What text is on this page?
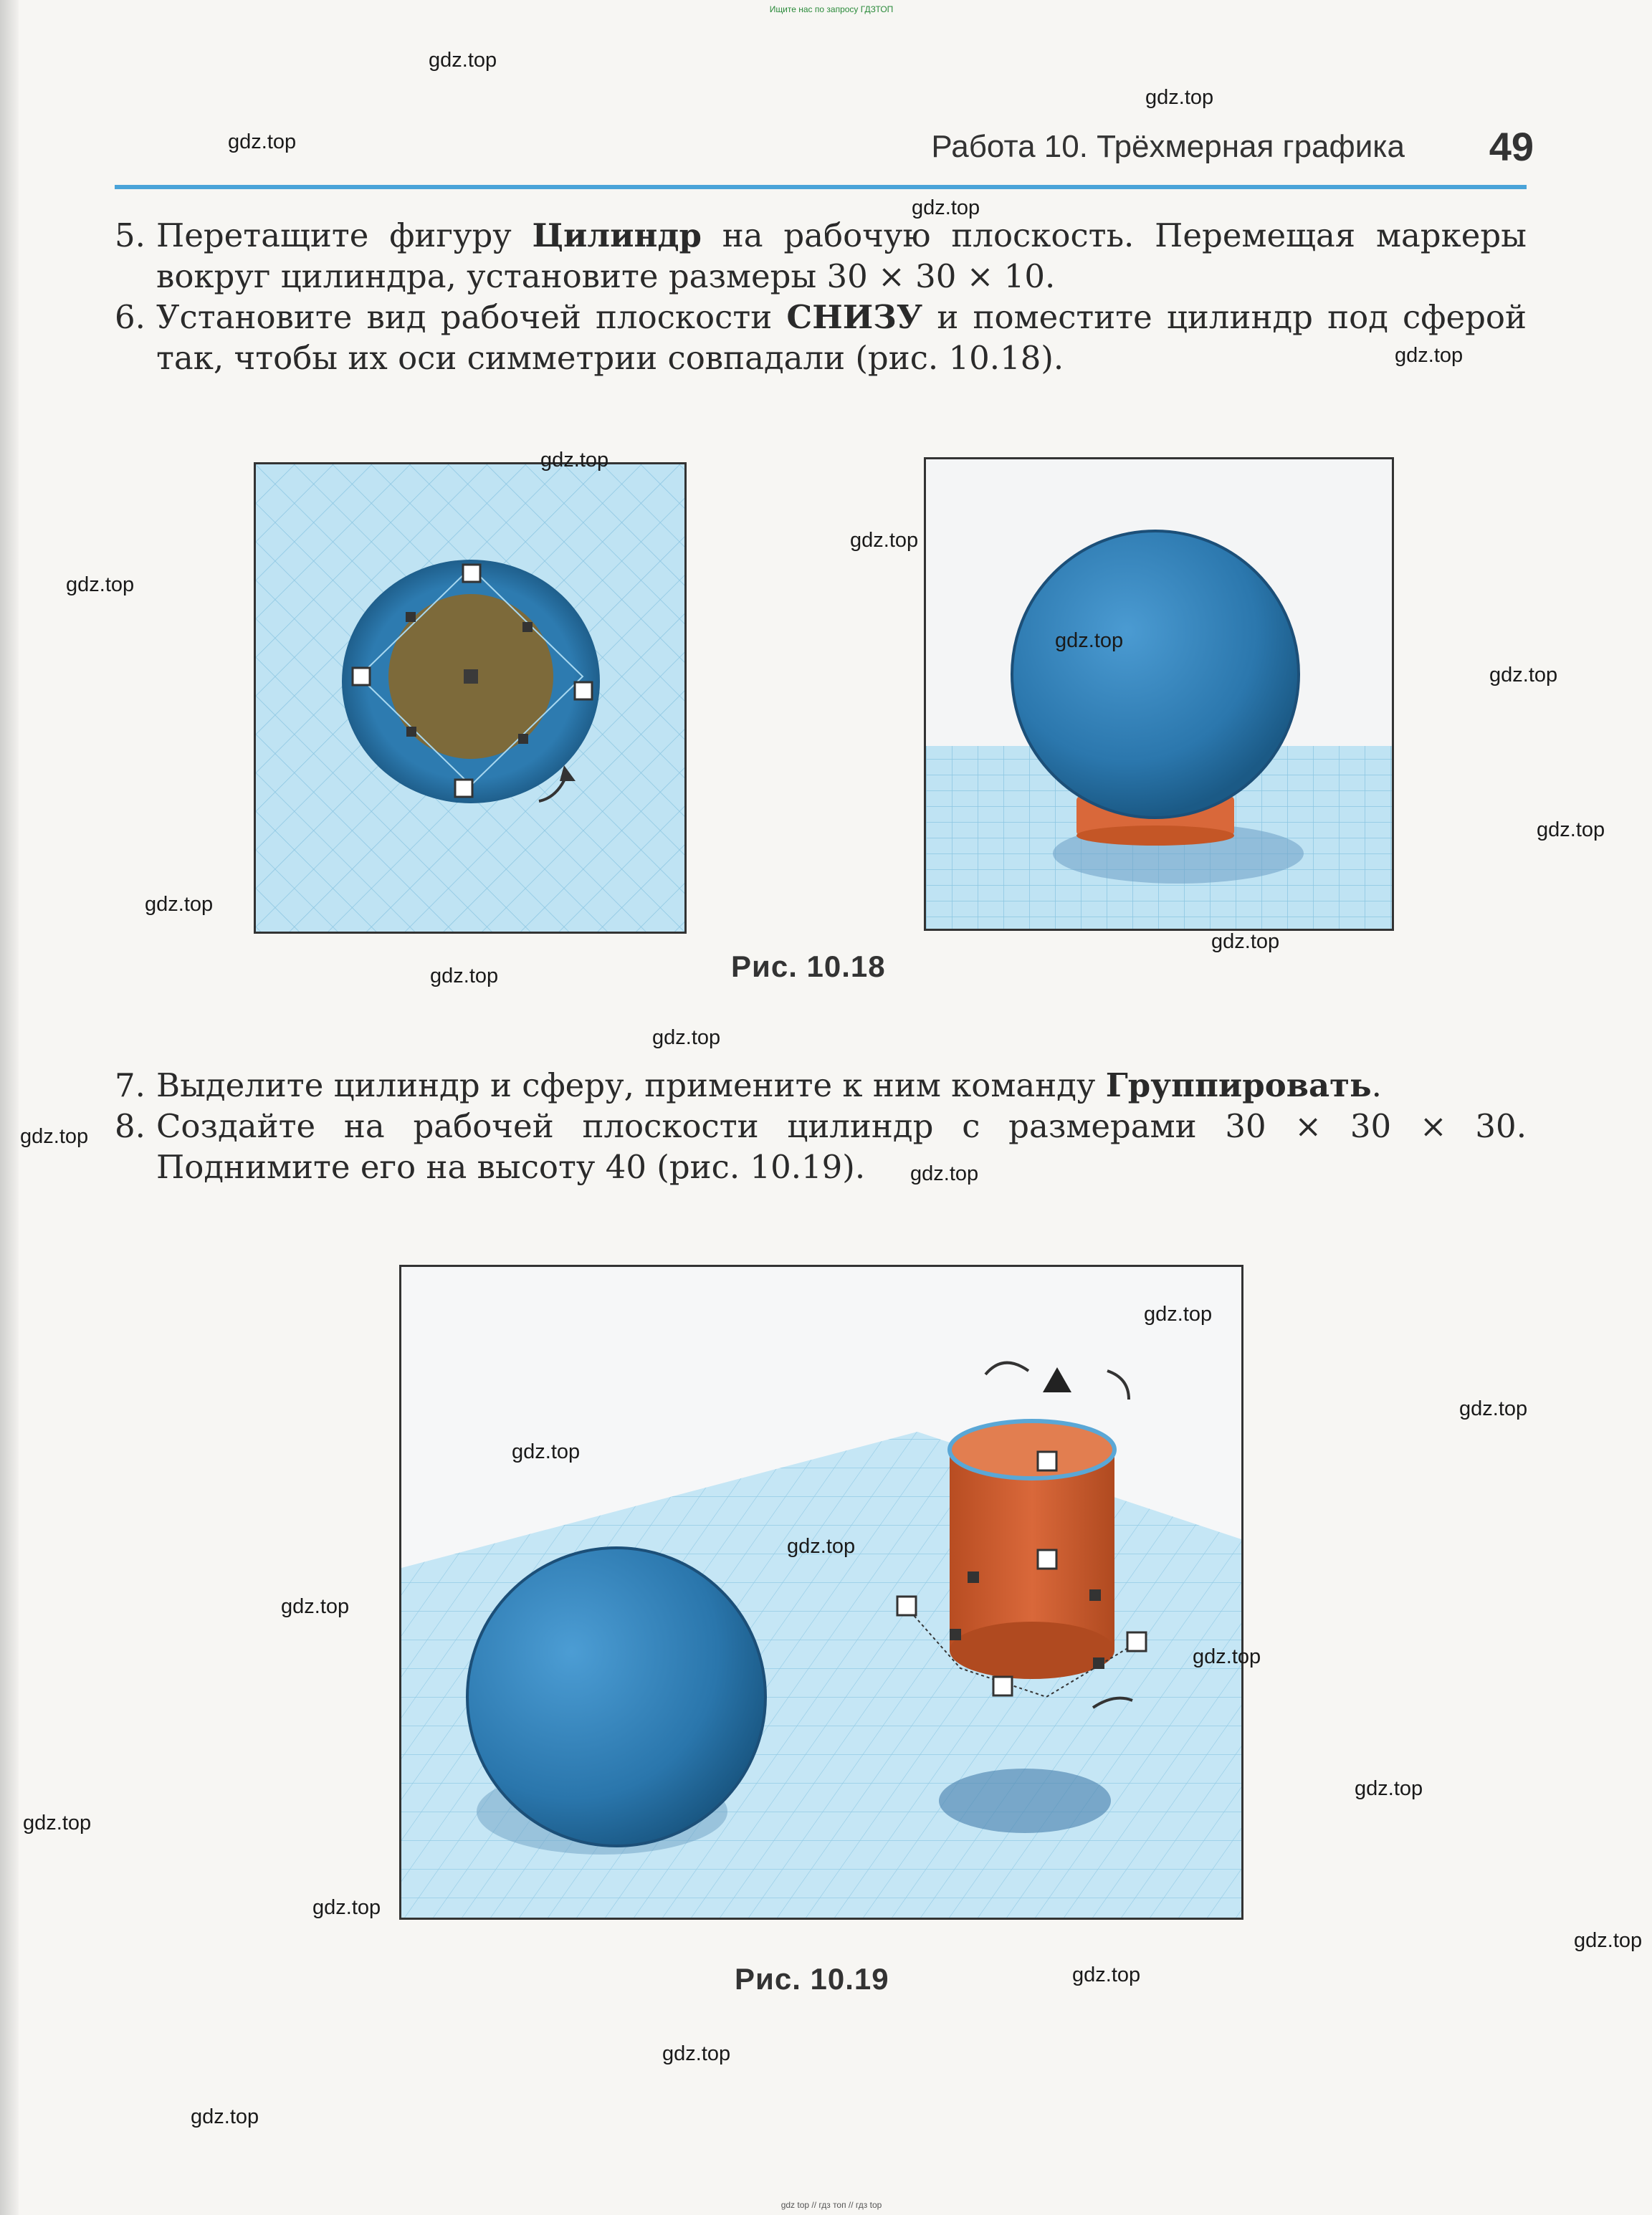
Ищите нас по запросу ГДЗТОП
Работа 10. Трёхмерная графика	49
5. Перетащите фигуру Цилиндр на рабочую плоскость. Перемещая маркеры вокруг цилиндра, установите размеры 30 × 30 × 10.
6. Установите вид рабочей плоскости СНИЗУ и поместите цилиндр под сферой так, чтобы их оси симметрии совпадали (рис. 10.18).
Рис. 10.18
7. Выделите цилиндр и сферу, примените к ним команду Группировать.
8. Создайте на рабочей плоскости цилиндр с размерами 30 × 30 × 30. Поднимите его на высоту 40 (рис. 10.19).
Рис. 10.19
gdz.top
gdz.top
gdz.top
gdz.top
gdz.top
gdz.top
gdz.top
gdz.top
gdz.top
gdz.top
gdz.top
gdz.top
gdz.top
gdz.top
gdz.top
gdz.top
gdz.top
gdz.top
gdz.top
gdz.top
gdz.top
gdz.top
gdz.top
gdz.top
gdz.top
gdz.top
gdz.top
gdz.top
gdz.top
gdz.top
gdz top // гдз топ // гдз top
